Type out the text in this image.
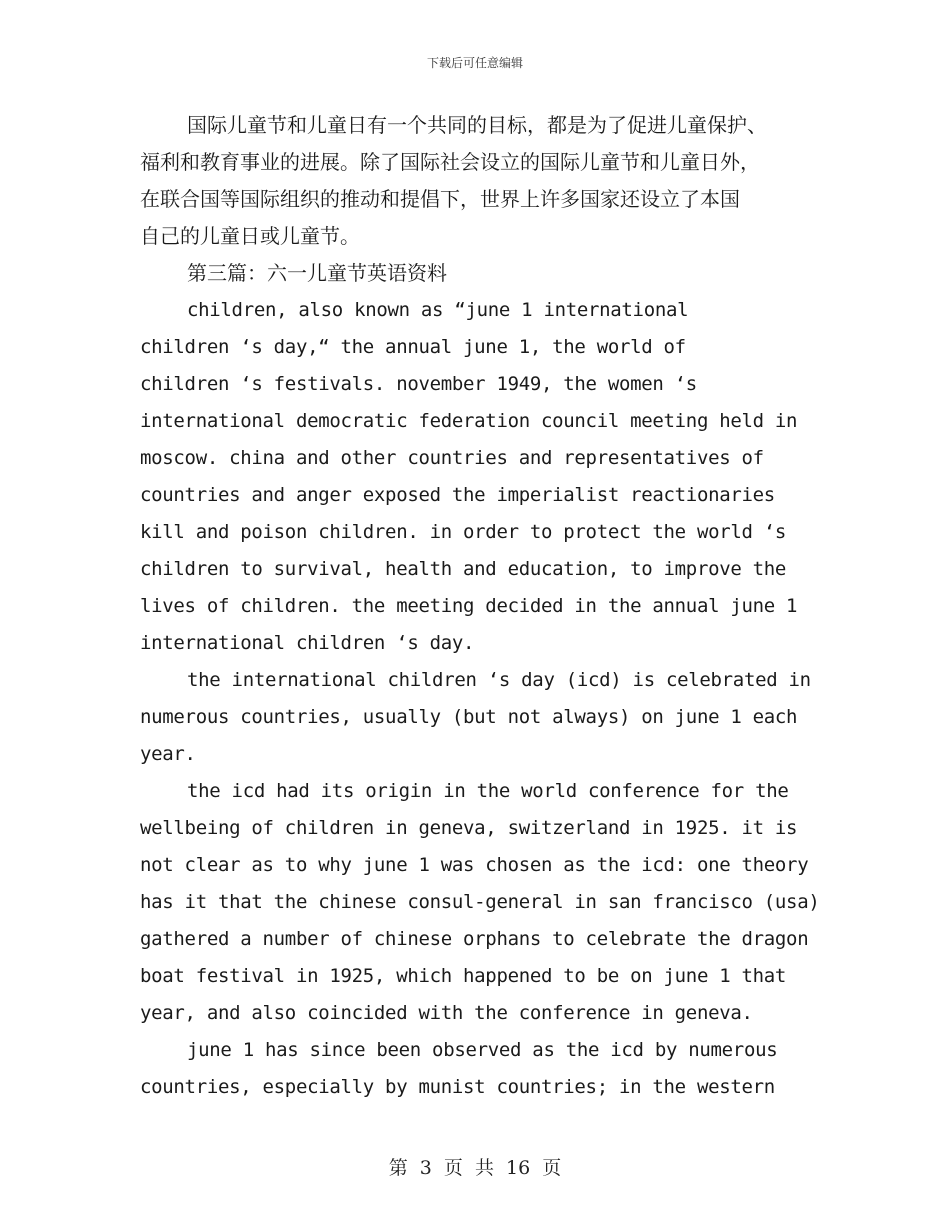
下载后可任意编辑
国际儿童节和儿童日有一个共同的目标，都是为了促进儿童保护、
福利和教育事业的进展。除了国际社会设立的国际儿童节和儿童日外，
在联合国等国际组织的推动和提倡下，世界上许多国家还设立了本国
自己的儿童日或儿童节。
第三篇：六一儿童节英语资料
children, also known as “june 1 international
children ‘s day,“ the annual june 1, the world of
children ‘s festivals. november 1949, the women ‘s
international democratic federation council meeting held in
moscow. china and other countries and representatives of
countries and anger exposed the imperialist reactionaries
kill and poison children. in order to protect the world ‘s
children to survival, health and education, to improve the
lives of children. the meeting decided in the annual june 1
international children ‘s day.
the international children ‘s day (icd) is celebrated in
numerous countries, usually (but not always) on june 1 each
year.
the icd had its origin in the world conference for the
wellbeing of children in geneva, switzerland in 1925. it is
not clear as to why june 1 was chosen as the icd: one theory
has it that the chinese consul-general in san francisco (usa)
gathered a number of chinese orphans to celebrate the dragon
boat festival in 1925, which happened to be on june 1 that
year, and also coincided with the conference in geneva.
june 1 has since been observed as the icd by numerous
countries, especially by munist countries; in the western
第 3 页 共 16 页
